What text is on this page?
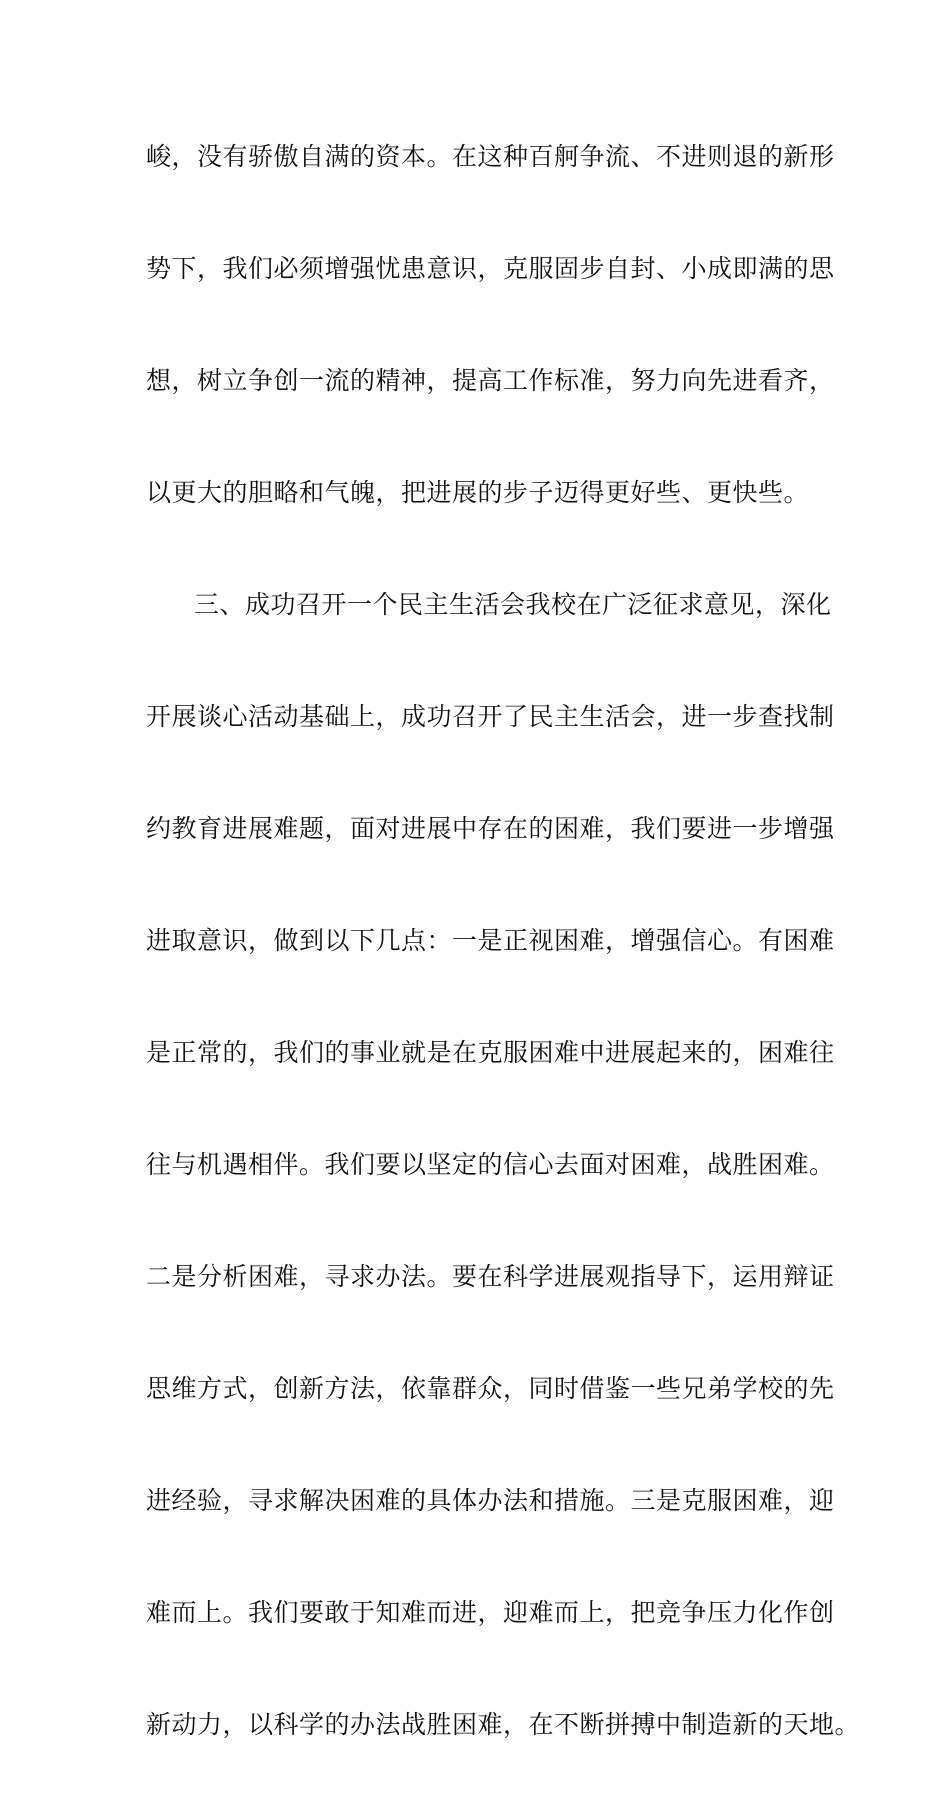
峻，没有骄傲自满的资本。在这种百舸争流、不进则退的新形
势下，我们必须增强忧患意识，克服固步自封、小成即满的思
想，树立争创一流的精神，提高工作标准，努力向先进看齐，
以更大的胆略和气魄，把进展的步子迈得更好些、更快些。
三、成功召开一个民主生活会我校在广泛征求意见，深化
开展谈心活动基础上，成功召开了民主生活会，进一步查找制
约教育进展难题，面对进展中存在的困难，我们要进一步增强
进取意识，做到以下几点：一是正视困难，增强信心。有困难
是正常的，我们的事业就是在克服困难中进展起来的，困难往
往与机遇相伴。我们要以坚定的信心去面对困难，战胜困难。
二是分析困难，寻求办法。要在科学进展观指导下，运用辩证
思维方式，创新方法，依靠群众，同时借鉴一些兄弟学校的先
进经验，寻求解决困难的具体办法和措施。三是克服困难，迎
难而上。我们要敢于知难而进，迎难而上，把竞争压力化作创
新动力，以科学的办法战胜困难，在不断拼搏中制造新的天地。
